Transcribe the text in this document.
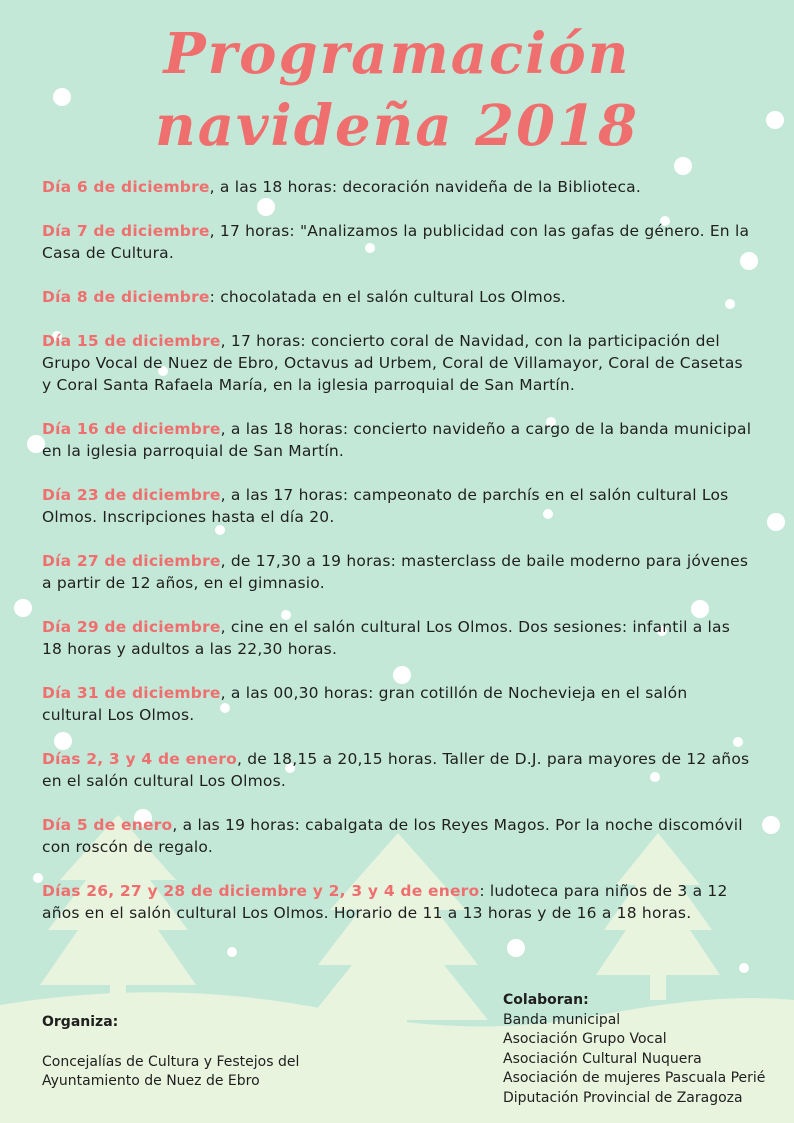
Programación
navideña 2018

Día 6 de diciembre, a las 18 horas: decoración navideña de la Biblioteca.

Día 7 de diciembre, 17 horas: "Analizamos la publicidad con las gafas de género. En la Casa de Cultura.

Día 8 de diciembre: chocolatada en el salón cultural Los Olmos.

Día 15 de diciembre, 17 horas: concierto coral de Navidad, con la participación del Grupo Vocal de Nuez de Ebro, Octavus ad Urbem, Coral de Villamayor, Coral de Casetas y Coral Santa Rafaela María, en la iglesia parroquial de San Martín.

Día 16 de diciembre, a las 18 horas: concierto navideño a cargo de la banda municipal en la iglesia parroquial de San Martín.

Día 23 de diciembre, a las 17 horas: campeonato de parchís en el salón cultural Los Olmos. Inscripciones hasta el día 20.

Día 27 de diciembre, de 17,30 a 19 horas: masterclass de baile moderno para jóvenes a partir de 12 años, en el gimnasio.

Día 29 de diciembre, cine en el salón cultural Los Olmos. Dos sesiones: infantil a las 18 horas y adultos a las 22,30 horas.

Día 31 de diciembre, a las 00,30 horas: gran cotillón de Nochevieja en el salón cultural Los Olmos.

Días 2, 3 y 4 de enero, de 18,15 a 20,15 horas. Taller de D.J. para mayores de 12 años en el salón cultural Los Olmos.

Día 5 de enero, a las 19 horas: cabalgata de los Reyes Magos. Por la noche discomóvil con roscón de regalo.

Días 26, 27 y 28 de diciembre y 2, 3 y 4 de enero: ludoteca para niños de 3 a 12 años en el salón cultural Los Olmos. Horario de 11 a 13 horas y de 16 a 18 horas.

Organiza:
Concejalías de Cultura y Festejos del
Ayuntamiento de Nuez de Ebro
Colaboran:
Banda municipal
Asociación Grupo Vocal
Asociación Cultural Nuquera
Asociación de mujeres Pascuala Perié
Diputación Provincial de Zaragoza
